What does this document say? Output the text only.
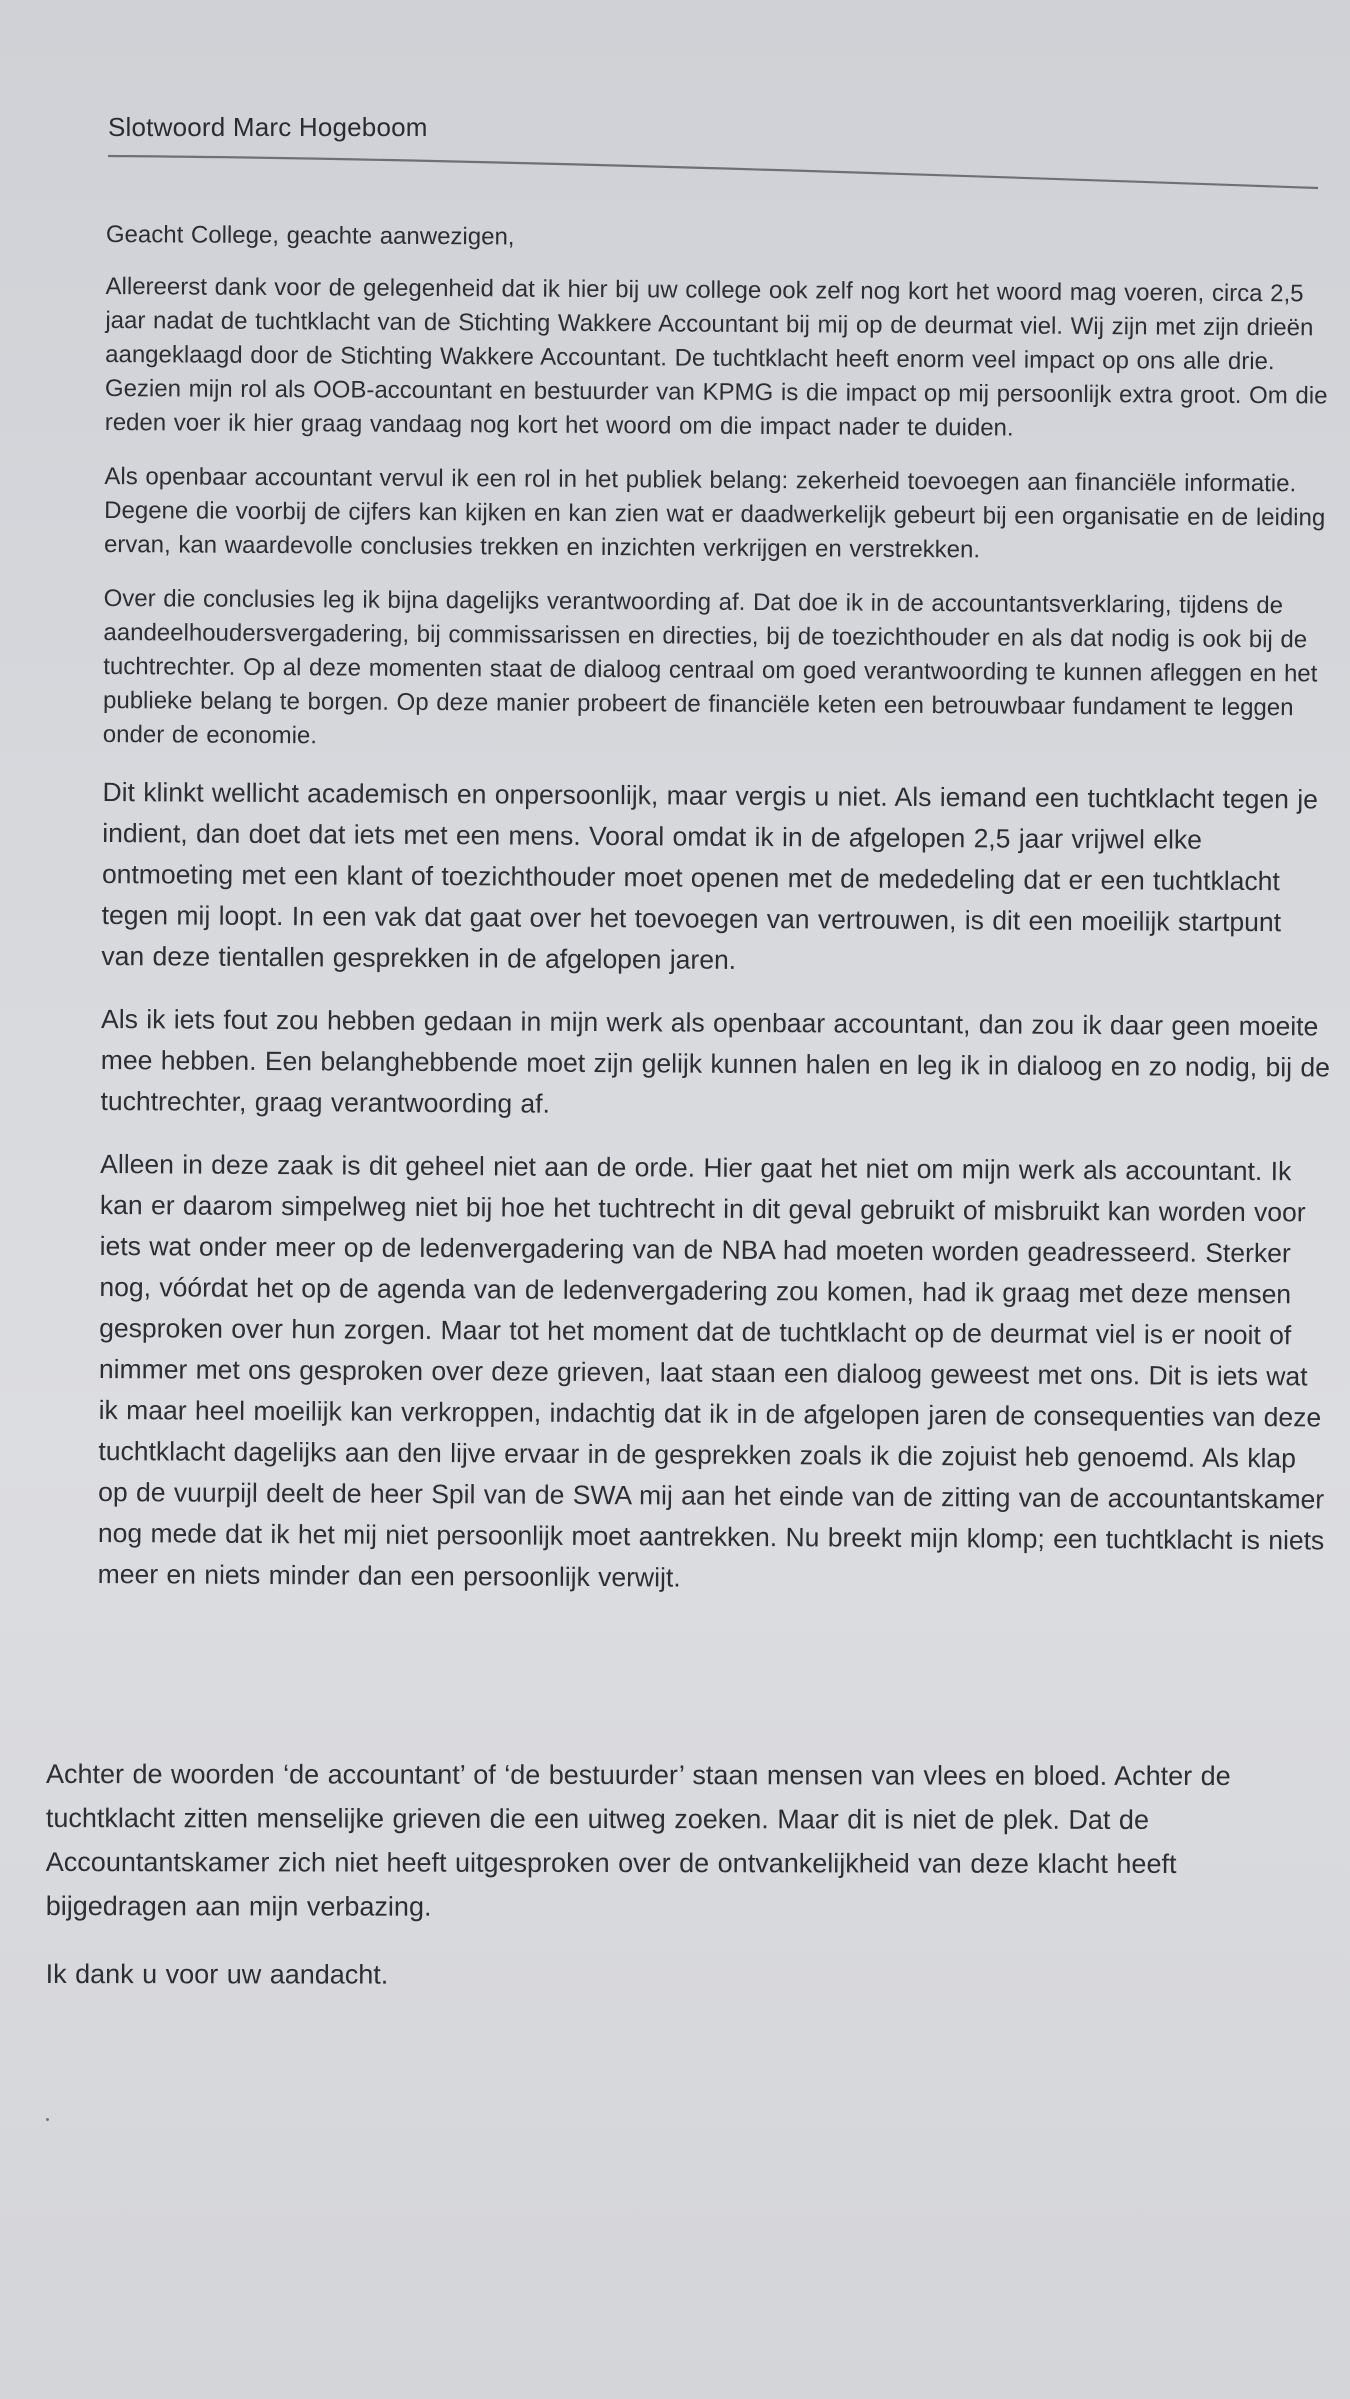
Slotwoord Marc Hogeboom

Geacht College, geachte aanwezigen,

Allereerst dank voor de gelegenheid dat ik hier bij uw college ook zelf nog kort het woord mag voeren, circa 2,5 jaar nadat de tuchtklacht van de Stichting Wakkere Accountant bij mij op de deurmat viel. Wij zijn met zijn drieën aangeklaagd door de Stichting Wakkere Accountant. De tuchtklacht heeft enorm veel impact op ons alle drie. Gezien mijn rol als OOB-accountant en bestuurder van KPMG is die impact op mij persoonlijk extra groot. Om die reden voer ik hier graag vandaag nog kort het woord om die impact nader te duiden.

Als openbaar accountant vervul ik een rol in het publiek belang: zekerheid toevoegen aan financiële informatie. Degene die voorbij de cijfers kan kijken en kan zien wat er daadwerkelijk gebeurt bij een organisatie en de leiding ervan, kan waardevolle conclusies trekken en inzichten verkrijgen en verstrekken.

Over die conclusies leg ik bijna dagelijks verantwoording af. Dat doe ik in de accountantsverklaring, tijdens de aandeelhoudersvergadering, bij commissarissen en directies, bij de toezichthouder en als dat nodig is ook bij de tuchtrechter. Op al deze momenten staat de dialoog centraal om goed verantwoording te kunnen afleggen en het publieke belang te borgen. Op deze manier probeert de financiële keten een betrouwbaar fundament te leggen onder de economie.

Dit klinkt wellicht academisch en onpersoonlijk, maar vergis u niet. Als iemand een tuchtklacht tegen je indient, dan doet dat iets met een mens. Vooral omdat ik in de afgelopen 2,5 jaar vrijwel elke ontmoeting met een klant of toezichthouder moet openen met de mededeling dat er een tuchtklacht tegen mij loopt. In een vak dat gaat over het toevoegen van vertrouwen, is dit een moeilijk startpunt van deze tientallen gesprekken in de afgelopen jaren.

Als ik iets fout zou hebben gedaan in mijn werk als openbaar accountant, dan zou ik daar geen moeite mee hebben. Een belanghebbende moet zijn gelijk kunnen halen en leg ik in dialoog en zo nodig, bij de tuchtrechter, graag verantwoording af.

Alleen in deze zaak is dit geheel niet aan de orde. Hier gaat het niet om mijn werk als accountant. Ik kan er daarom simpelweg niet bij hoe het tuchtrecht in dit geval gebruikt of misbruikt kan worden voor iets wat onder meer op de ledenvergadering van de NBA had moeten worden geadresseerd. Sterker nog, vóórdat het op de agenda van de ledenvergadering zou komen, had ik graag met deze mensen gesproken over hun zorgen. Maar tot het moment dat de tuchtklacht op de deurmat viel is er nooit of nimmer met ons gesproken over deze grieven, laat staan een dialoog geweest met ons. Dit is iets wat ik maar heel moeilijk kan verkroppen, indachtig dat ik in de afgelopen jaren de consequenties van deze tuchtklacht dagelijks aan den lijve ervaar in de gesprekken zoals ik die zojuist heb genoemd. Als klap op de vuurpijl deelt de heer Spil van de SWA mij aan het einde van de zitting van de accountantskamer nog mede dat ik het mij niet persoonlijk moet aantrekken. Nu breekt mijn klomp; een tuchtklacht is niets meer en niets minder dan een persoonlijk verwijt.

Achter de woorden ‘de accountant’ of ‘de bestuurder’ staan mensen van vlees en bloed. Achter de tuchtklacht zitten menselijke grieven die een uitweg zoeken. Maar dit is niet de plek. Dat de Accountantskamer zich niet heeft uitgesproken over de ontvankelijkheid van deze klacht heeft bijgedragen aan mijn verbazing.

Ik dank u voor uw aandacht.
